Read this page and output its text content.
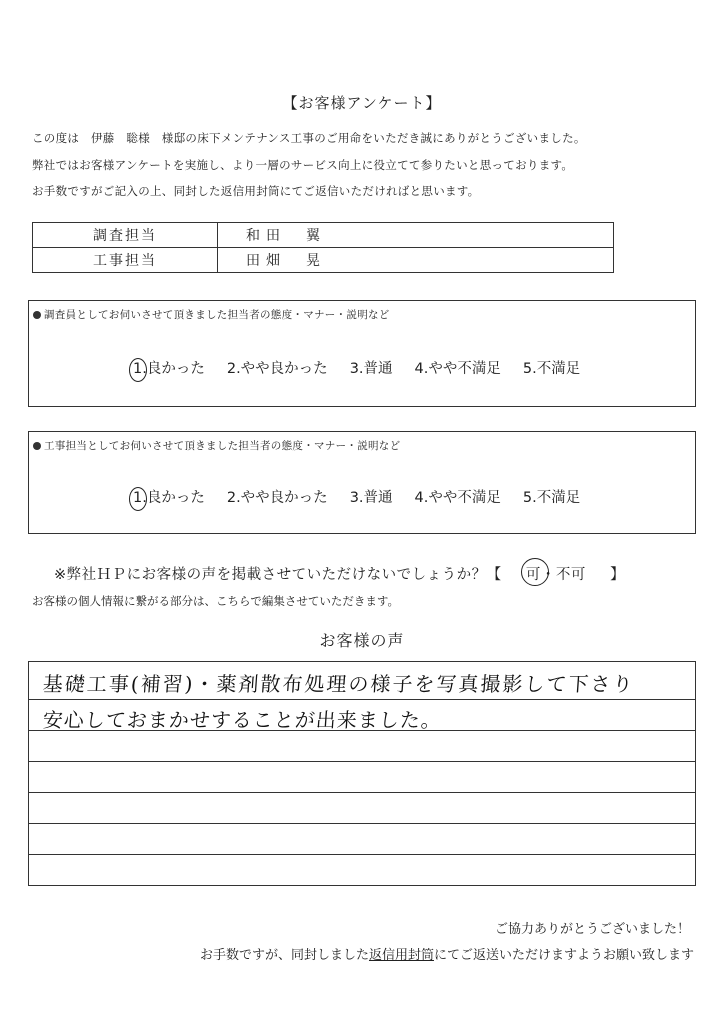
【お客様アンケート】
この度は　伊藤　聡様　様邸の床下メンテナンス工事のご用命をいただき誠にありがとうございました。
弊社ではお客様アンケートを実施し、より一層のサービス向上に役立てて参りたいと思っております。
お手数ですがご記入の上、同封した返信用封筒にてご返信いただければと思います。
調査担当	和田　翼
工事担当	田畑　晃
調査員としてお伺いさせて頂きました担当者の態度・マナー・説明など
1.良かった 2.やや良かった 3.普通 4.やや不満足 5.不満足
工事担当としてお伺いさせて頂きました担当者の態度・マナー・説明など
1.良かった 2.やや良かった 3.普通 4.やや不満足 5.不満足
※弊社ＨＰにお客様の声を掲載させていただけないでしょうか？【 可・不可 】
お客様の個人情報に繋がる部分は、こちらで編集させていただきます。
お客様の声
基礎工事(補習)・薬剤散布処理の様子を写真撮影して下さり
安心しておまかせすることが出来ました。
ご協力ありがとうございました！
お手数ですが、同封しました返信用封筒にてご返送いただけますようお願い致します
